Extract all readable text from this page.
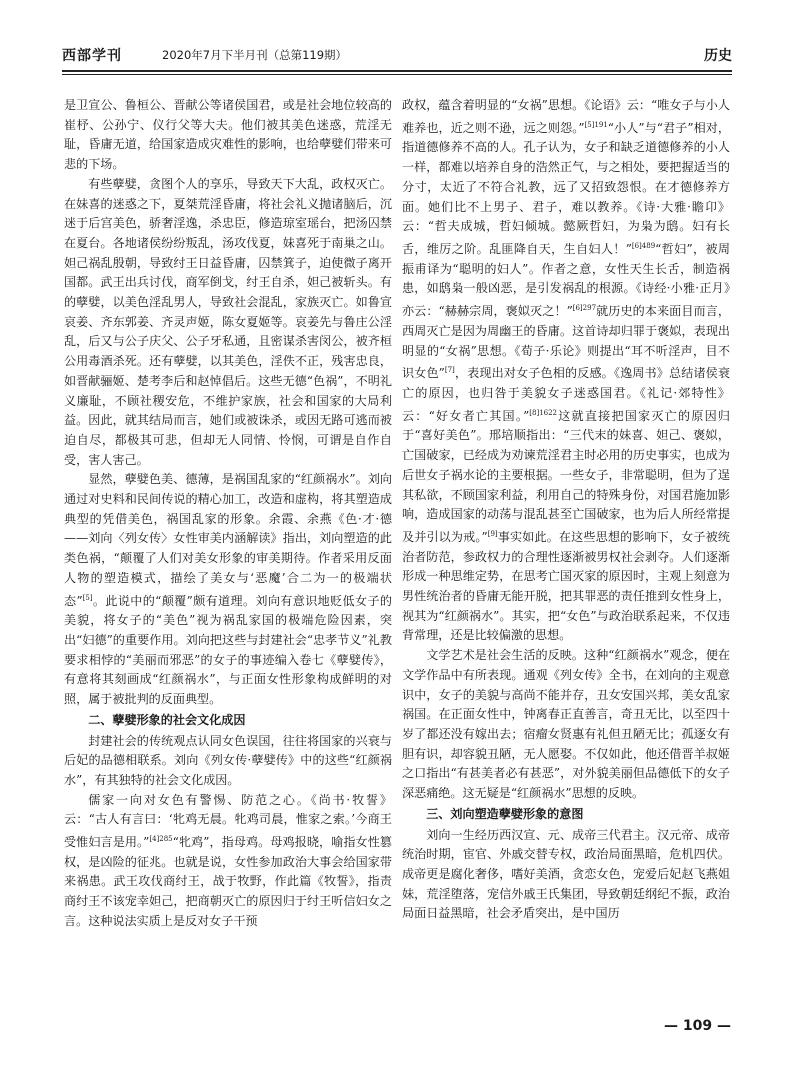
西部学刊	2020年7月下半月刊（总第119期）	历史

是卫宣公、鲁桓公、晋献公等诸侯国君，或是社会地位较高的崔杼、公孙宁、仪行父等大夫。他们被其美色迷惑，荒淫无耻，昏庸无道，给国家造成灾难性的影响，也给孽嬖们带来可悲的下场。

有些孽嬖，贪图个人的享乐，导致天下大乱，政权灭亡。在妹喜的迷惑之下，夏桀荒淫昏庸，将社会礼义抛诸脑后，沉迷于后宫美色，骄奢淫逸，杀忠臣，修造琼室瑶台，把汤囚禁在夏台。各地诸侯纷纷叛乱，汤攻伐夏，妹喜死于南巢之山。妲己祸乱殷朝，导致纣王日益昏庸，囚禁箕子，迫使微子离开国都。武王出兵讨伐，商军倒戈，纣王自杀，妲己被斩头。有的孽嬖，以美色淫乱男人，导致社会混乱，家族灭亡。如鲁宣哀姜、齐东郭姜、齐灵声姬，陈女夏姬等。哀姜先与鲁庄公淫乱，后又与公子庆父、公子牙私通，且密谋杀害闵公，被齐桓公用毒酒杀死。还有孽嬖，以其美色，淫佚不正，残害忠良，如晋献骊姬、楚考李后和赵悼倡后。这些无德“色祸”，不明礼义廉耻，不顾社稷安危，不维护家族，社会和国家的大局利益。因此，就其结局而言，她们或被诛杀，或因无路可逃而被迫自尽，都极其可悲，但却无人同情、怜悯，可谓是自作自受，害人害己。

显然，孽嬖色美、德薄，是祸国乱家的“红颜祸水”。刘向通过对史料和民间传说的精心加工，改造和虚构，将其塑造成典型的凭借美色，祸国乱家的形象。余霞、余燕《色·才·德——刘向〈列女传〉女性审美内涵解读》指出，刘向塑造的此类色祸，“颠覆了人们对美女形象的审美期待。作者采用反面人物的塑造模式，描绘了美女与‘恶魔’合二为一的极端状态”[5]。此说中的“颠覆”颇有道理。刘向有意识地贬低女子的美貌，将女子的“美色”视为祸乱家国的极端危险因素，突出“妇德”的重要作用。刘向把这些与封建社会“忠孝节义”礼教要求相悖的“美丽而邪恶”的女子的事迹编入卷七《孽嬖传》，有意将其刻画成“红颜祸水”，与正面女性形象构成鲜明的对照，属于被批判的反面典型。

二、孽嬖形象的社会文化成因

封建社会的传统观点认同女色误国，往往将国家的兴衰与后妃的品德相联系。刘向《列女传·孽嬖传》中的这些“红颜祸水”，有其独特的社会文化成因。

儒家一向对女色有警惕、防范之心。《尚书·牧誓》云：“古人有言曰：‘牝鸡无晨。牝鸡司晨，惟家之索。’今商王受惟妇言是用。”$^{[4]285}$“牝鸡”，指母鸡。母鸡报晓，喻指女性篡权，是凶险的征兆。也就是说，女性参加政治大事会给国家带来祸患。武王攻伐商纣王，战于牧野，作此篇《牧誓》，指责商纣王不该宠幸妲己，把商朝灭亡的原因归于纣王听信妇女之言。这种说法实质上是反对女子干预

政权，蕴含着明显的“女祸”思想。《论语》云：“唯女子与小人难养也，近之则不逊，远之则怨。”$^{[5]191}$“小人”与“君子”相对，指道德修养不高的人。孔子认为，女子和缺乏道德修养的小人一样，都难以培养自身的浩然正气，与之相处，要把握适当的分寸，太近了不符合礼教，远了又招致怨恨。在才德修养方面。她们比不上男子、君子，难以教养。《诗·大雅·瞻卬》云：“哲夫成城，哲妇倾城。懿厥哲妇，为枭为鸱。妇有长舌，维厉之阶。乱匪降自天，生自妇人！”$^{[6]489}$“哲妇”，被周振甫译为“聪明的妇人”。作者之意，女性天生长舌，制造祸患，如鸱枭一般凶恶，是引发祸乱的根源。《诗经·小雅·正月》亦云：“赫赫宗周，褒姒灭之！”$^{[6]297}$就历史的本来面目而言，西周灭亡是因为周幽王的昏庸。这首诗却归罪于褒姒，表现出明显的“女祸”思想。《荀子·乐论》则提出“耳不听淫声，目不识女色”[7]，表现出对女子色相的反感。《逸周书》总结诸侯衰亡的原因，也归咎于美貌女子迷惑国君。《礼记·郊特性》云：“好女者亡其国。”$^{[8]1622}$这就直接把国家灭亡的原因归于“喜好美色”。邢培顺指出：“三代末的妹喜、妲己、褒姒，亡国破家，已经成为劝谏荒淫君主时必用的历史事实，也成为后世女子祸水论的主要根据。一些女子，非常聪明，但为了逞其私欲，不顾国家利益，利用自己的特殊身份，对国君施加影响，造成国家的动荡与混乱甚至亡国破家，也为后人所经常提及并引以为戒。”[9]事实如此。在这些思想的影响下，女子被统治者防范，参政权力的合理性逐渐被男权社会剥夺。人们逐渐形成一种思维定势，在思考亡国灭家的原因时，主观上刻意为男性统治者的昏庸无能开脱，把其罪恶的责任推到女性身上，视其为“红颜祸水”。其实，把“女色”与政治联系起来，不仅违背常理，还是比较偏激的思想。

文学艺术是社会生活的反映。这种“红颜祸水”观念，便在文学作品中有所表现。通观《列女传》全书，在刘向的主观意识中，女子的美貌与高尚不能并存，丑女安国兴邦，美女乱家祸国。在正面女性中，钟离春正直善言，奇丑无比，以至四十岁了都还没有嫁出去；宿瘤女贤惠有礼但丑陋无比；孤逐女有胆有识，却容貌丑陋，无人愿娶。不仅如此，他还借晋羊叔姬之口指出“有甚美者必有甚恶”，对外貌美丽但品德低下的女子深恶痛绝。这无疑是“红颜祸水”思想的反映。

三、刘向塑造孽嬖形象的意图

刘向一生经历西汉宣、元、成帝三代君主。汉元帝、成帝统治时期，宦官、外戚交替专权，政治局面黑暗，危机四伏。成帝更是腐化奢侈，嗜好美酒，贪恋女色，宠爱后妃赵飞燕姐妹，荒淫堕落，宠信外戚王氏集团，导致朝廷纲纪不振，政治局面日益黑暗，社会矛盾突出，是中国历

— 109 —
